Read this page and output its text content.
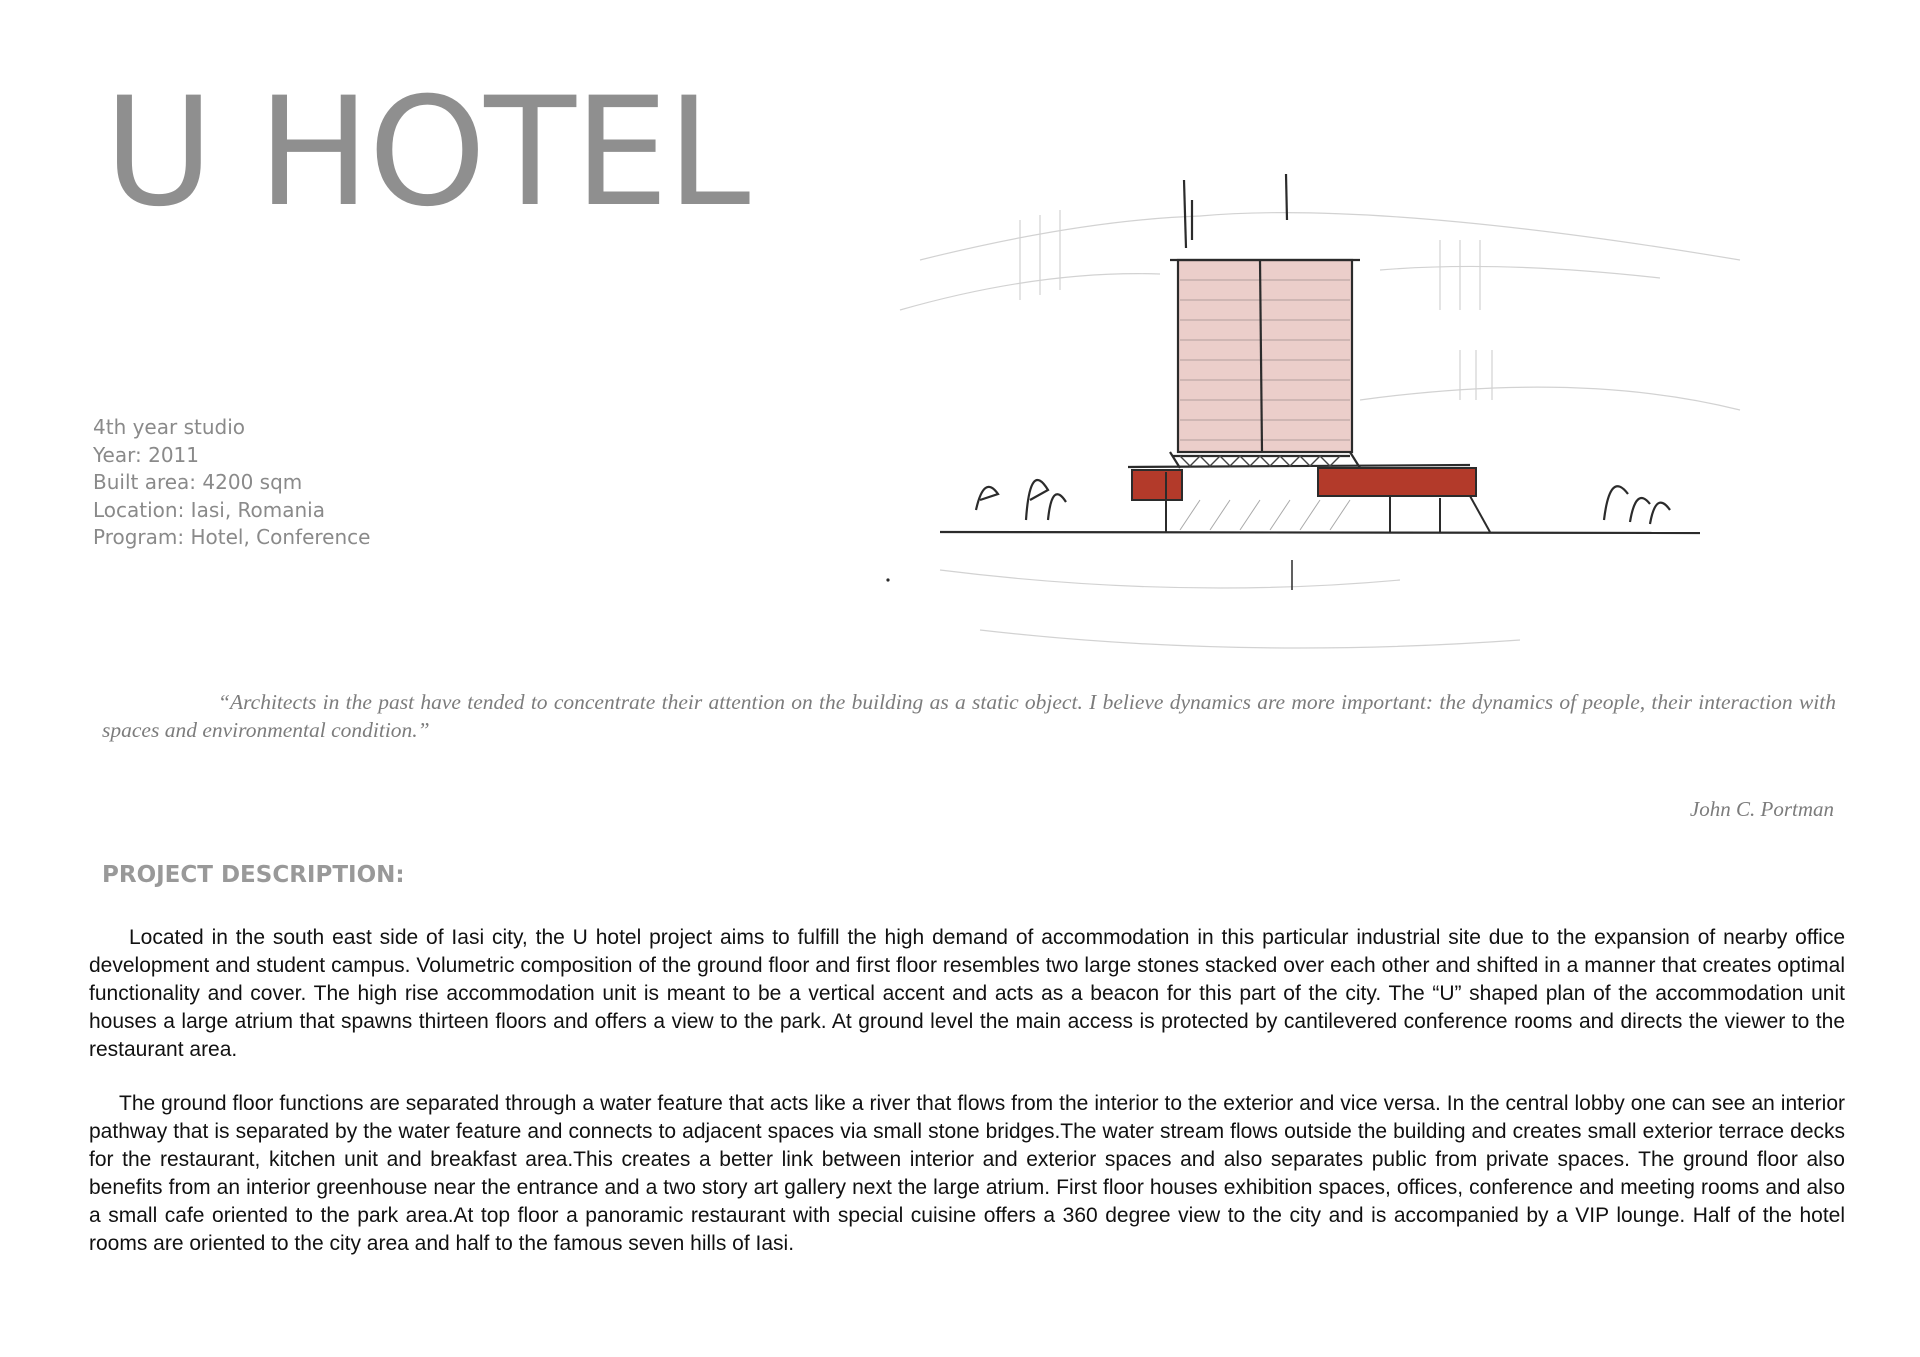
U HOTEL
4th year studio
Year: 2011
Built area: 4200 sqm
Location: Iasi, Romania
Program: Hotel, Conference

“Architects in the past have tended to concentrate their attention on the building as a static object. I believe dynamics are more important: the dynamics of people, their interaction with spaces and environmental condition.”

John C. Portman
PROJECT DESCRIPTION:

Located in the south east side of Iasi city, the U hotel project aims to fulfill the high demand of accommodation in this particular industrial site due to the expansion of nearby office development and student campus. Volumetric composition of the ground floor and first floor resembles two large stones stacked over each other and shifted in a manner that creates optimal functionality and cover. The high rise accommodation unit is meant to be a vertical accent and acts as a beacon for this part of the city. The “U” shaped plan of the accommodation unit houses a large atrium that spawns thirteen floors and offers a view to the park. At ground level the main access is protected by cantilevered conference rooms and directs the viewer to the restaurant area.

The ground floor functions are separated through a water feature that acts like a river that flows from the interior to the exterior and vice versa. In the central lobby one can see an interior pathway that is separated by the water feature and connects to adjacent spaces via small stone bridges.The water stream flows outside the building and creates small exterior terrace decks for the restaurant, kitchen unit and breakfast area.This creates a better link between interior and exterior spaces and also separates public from private spaces. The ground floor also benefits from an interior greenhouse near the entrance and a two story art gallery next the large atrium. First floor houses exhibition spaces, offices, conference and meeting rooms and also a small cafe oriented to the park area.At top floor a panoramic restaurant with special cuisine offers a 360 degree view to the city and is accompanied by a VIP lounge. Half of the hotel rooms are oriented to the city area and half to the famous seven hills of Iasi.
